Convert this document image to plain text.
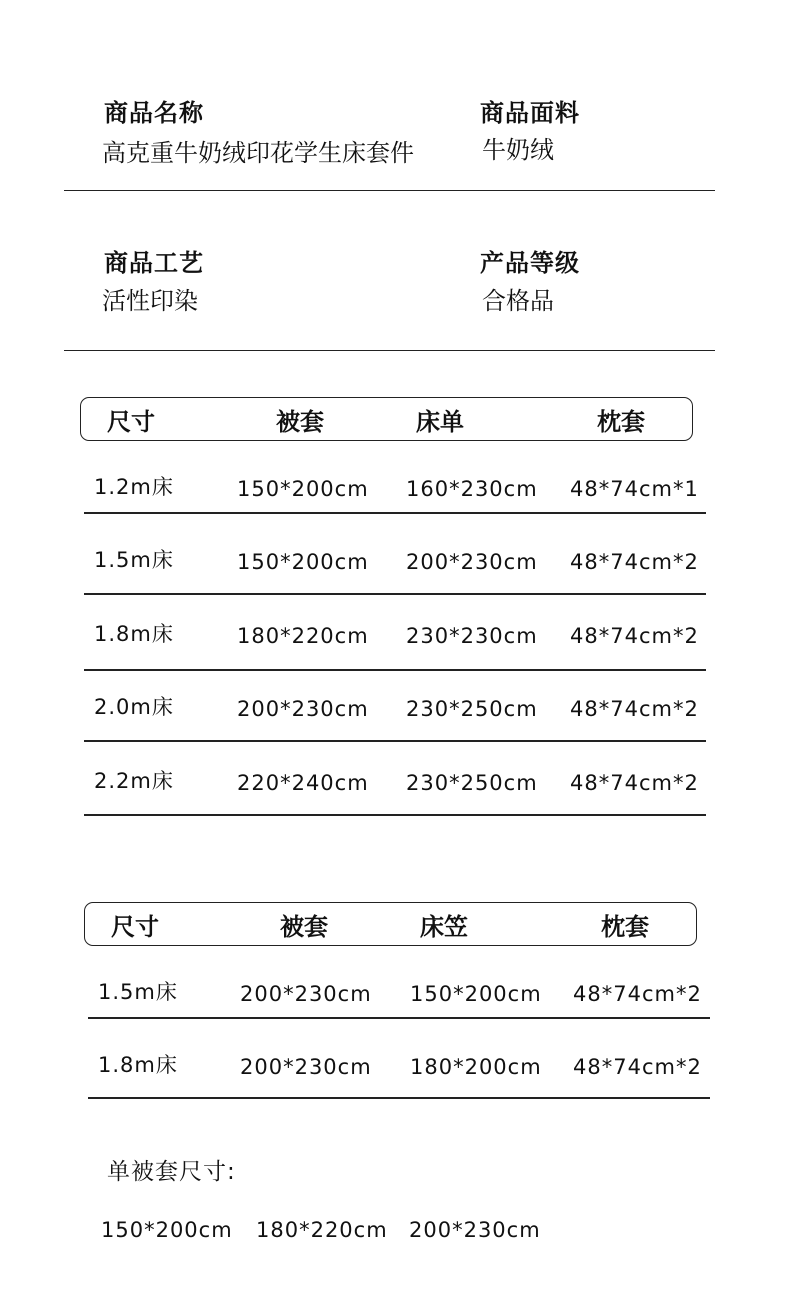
商品名称
高克重牛奶绒印花学生床套件
商品面料
牛奶绒
商品工艺
活性印染
产品等级
合格品
尺寸	被套	床单	枕套
1.2m床	150*200cm 160*230cm 48*74cm*1
1.5m床	150*200cm 200*230cm 48*74cm*2
1.8m床	180*220cm 230*230cm 48*74cm*2
2.0m床	200*230cm 230*250cm 48*74cm*2
2.2m床	220*240cm 230*250cm 48*74cm*2
尺寸	被套	床笠	枕套
1.5m床	200*230cm 150*200cm 48*74cm*2
1.8m床	200*230cm 180*200cm 48*74cm*2
单被套尺寸:
150*200cm 180*220cm 200*230cm
